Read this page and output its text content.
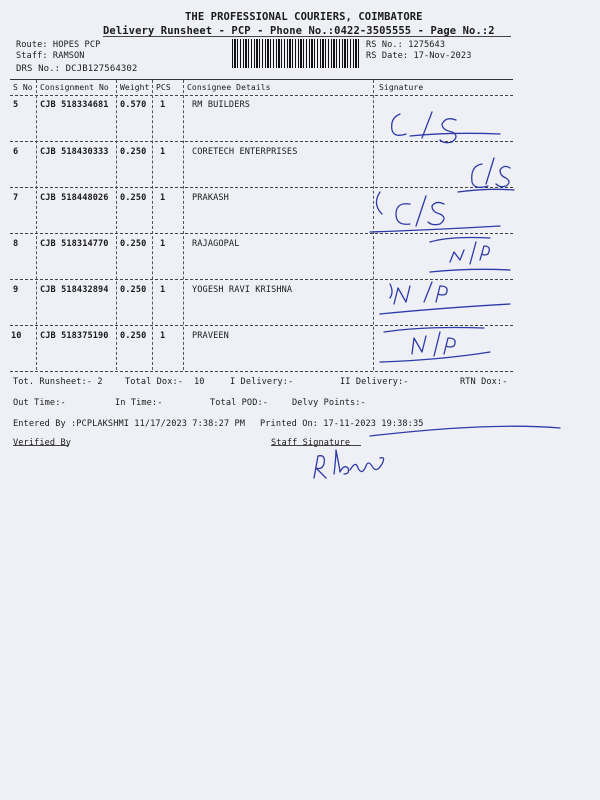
THE PROFESSIONAL COURIERS, COIMBATORE
Delivery Runsheet - PCP - Phone No.:0422-3505555 - Page No.:2
Route: HOPES PCP
Staff: RAMSON
DRS No.: DCJB127564302
RS No.: 1275643
RS Date: 17-Nov-2023
S No Consignment No Weight PCS Consignee Details	Signature
5	CJB 518334681 0.570 1	RM BUILDERS
6	CJB 518430333 0.250 1	CORETECH ENTERPRISES
7	CJB 518448026 0.250 1	PRAKASH
8	CJB 518314770 0.250 1	RAJAGOPAL
9	CJB 518432894 0.250 1	YOGESH RAVI KRISHNA
10 CJB 518375190 0.250 1	PRAVEEN
Tot. Runsheet:- 2	Total Dox:- 10	I Delivery:-	II Delivery:-	RTN Dox:-
Out Time:-	In Time:-	Total POD:-	Delvy Points:-
Entered By :PCPLAKSHMI 11/17/2023 7:38:27 PM Printed On: 17-11-2023 19:38:35
Verified By	Staff Signature
